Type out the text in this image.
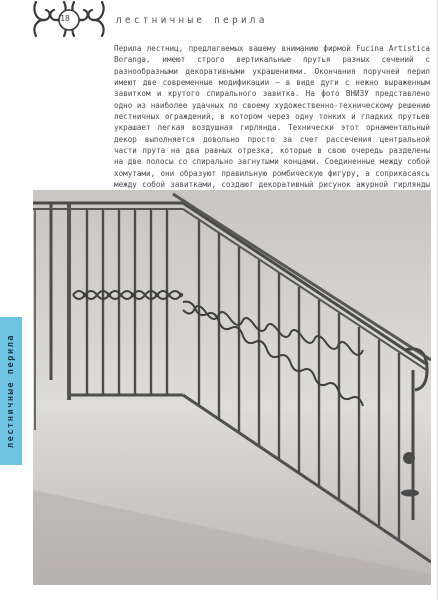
18	лестничные перила
лестничные перила

Перила лестниц, предлагаемых вашему вниманию фирмой Fucina Artistica Boranga, имеют строго вертикальные прутья разных сечений с разнообразными декоративными украшениями. Окончания поручней перил имеют две современные модификации – в виде дуги с нежно выраженным завитком и крутого спирального завитка. На фото ВНИЗУ представлено одно из наиболее удачных по своему художественно-техническому решению лестничных ограждений, в котором через одну тонких и гладких прутьев украшает легкая воздушная гирлянда. Технически этот орнаментальный декор выполняется довольно просто за счет рассечения центральной части прута на два равных отрезка, которые в свою очередь разделены на две полосы со спирально загнутыми концами. Соединенные между собой хомутами, они образуют правильную ромбическую фигуру, а соприкасаясь между собой завитками, создают декоративный рисунок ажурной гирлянды
